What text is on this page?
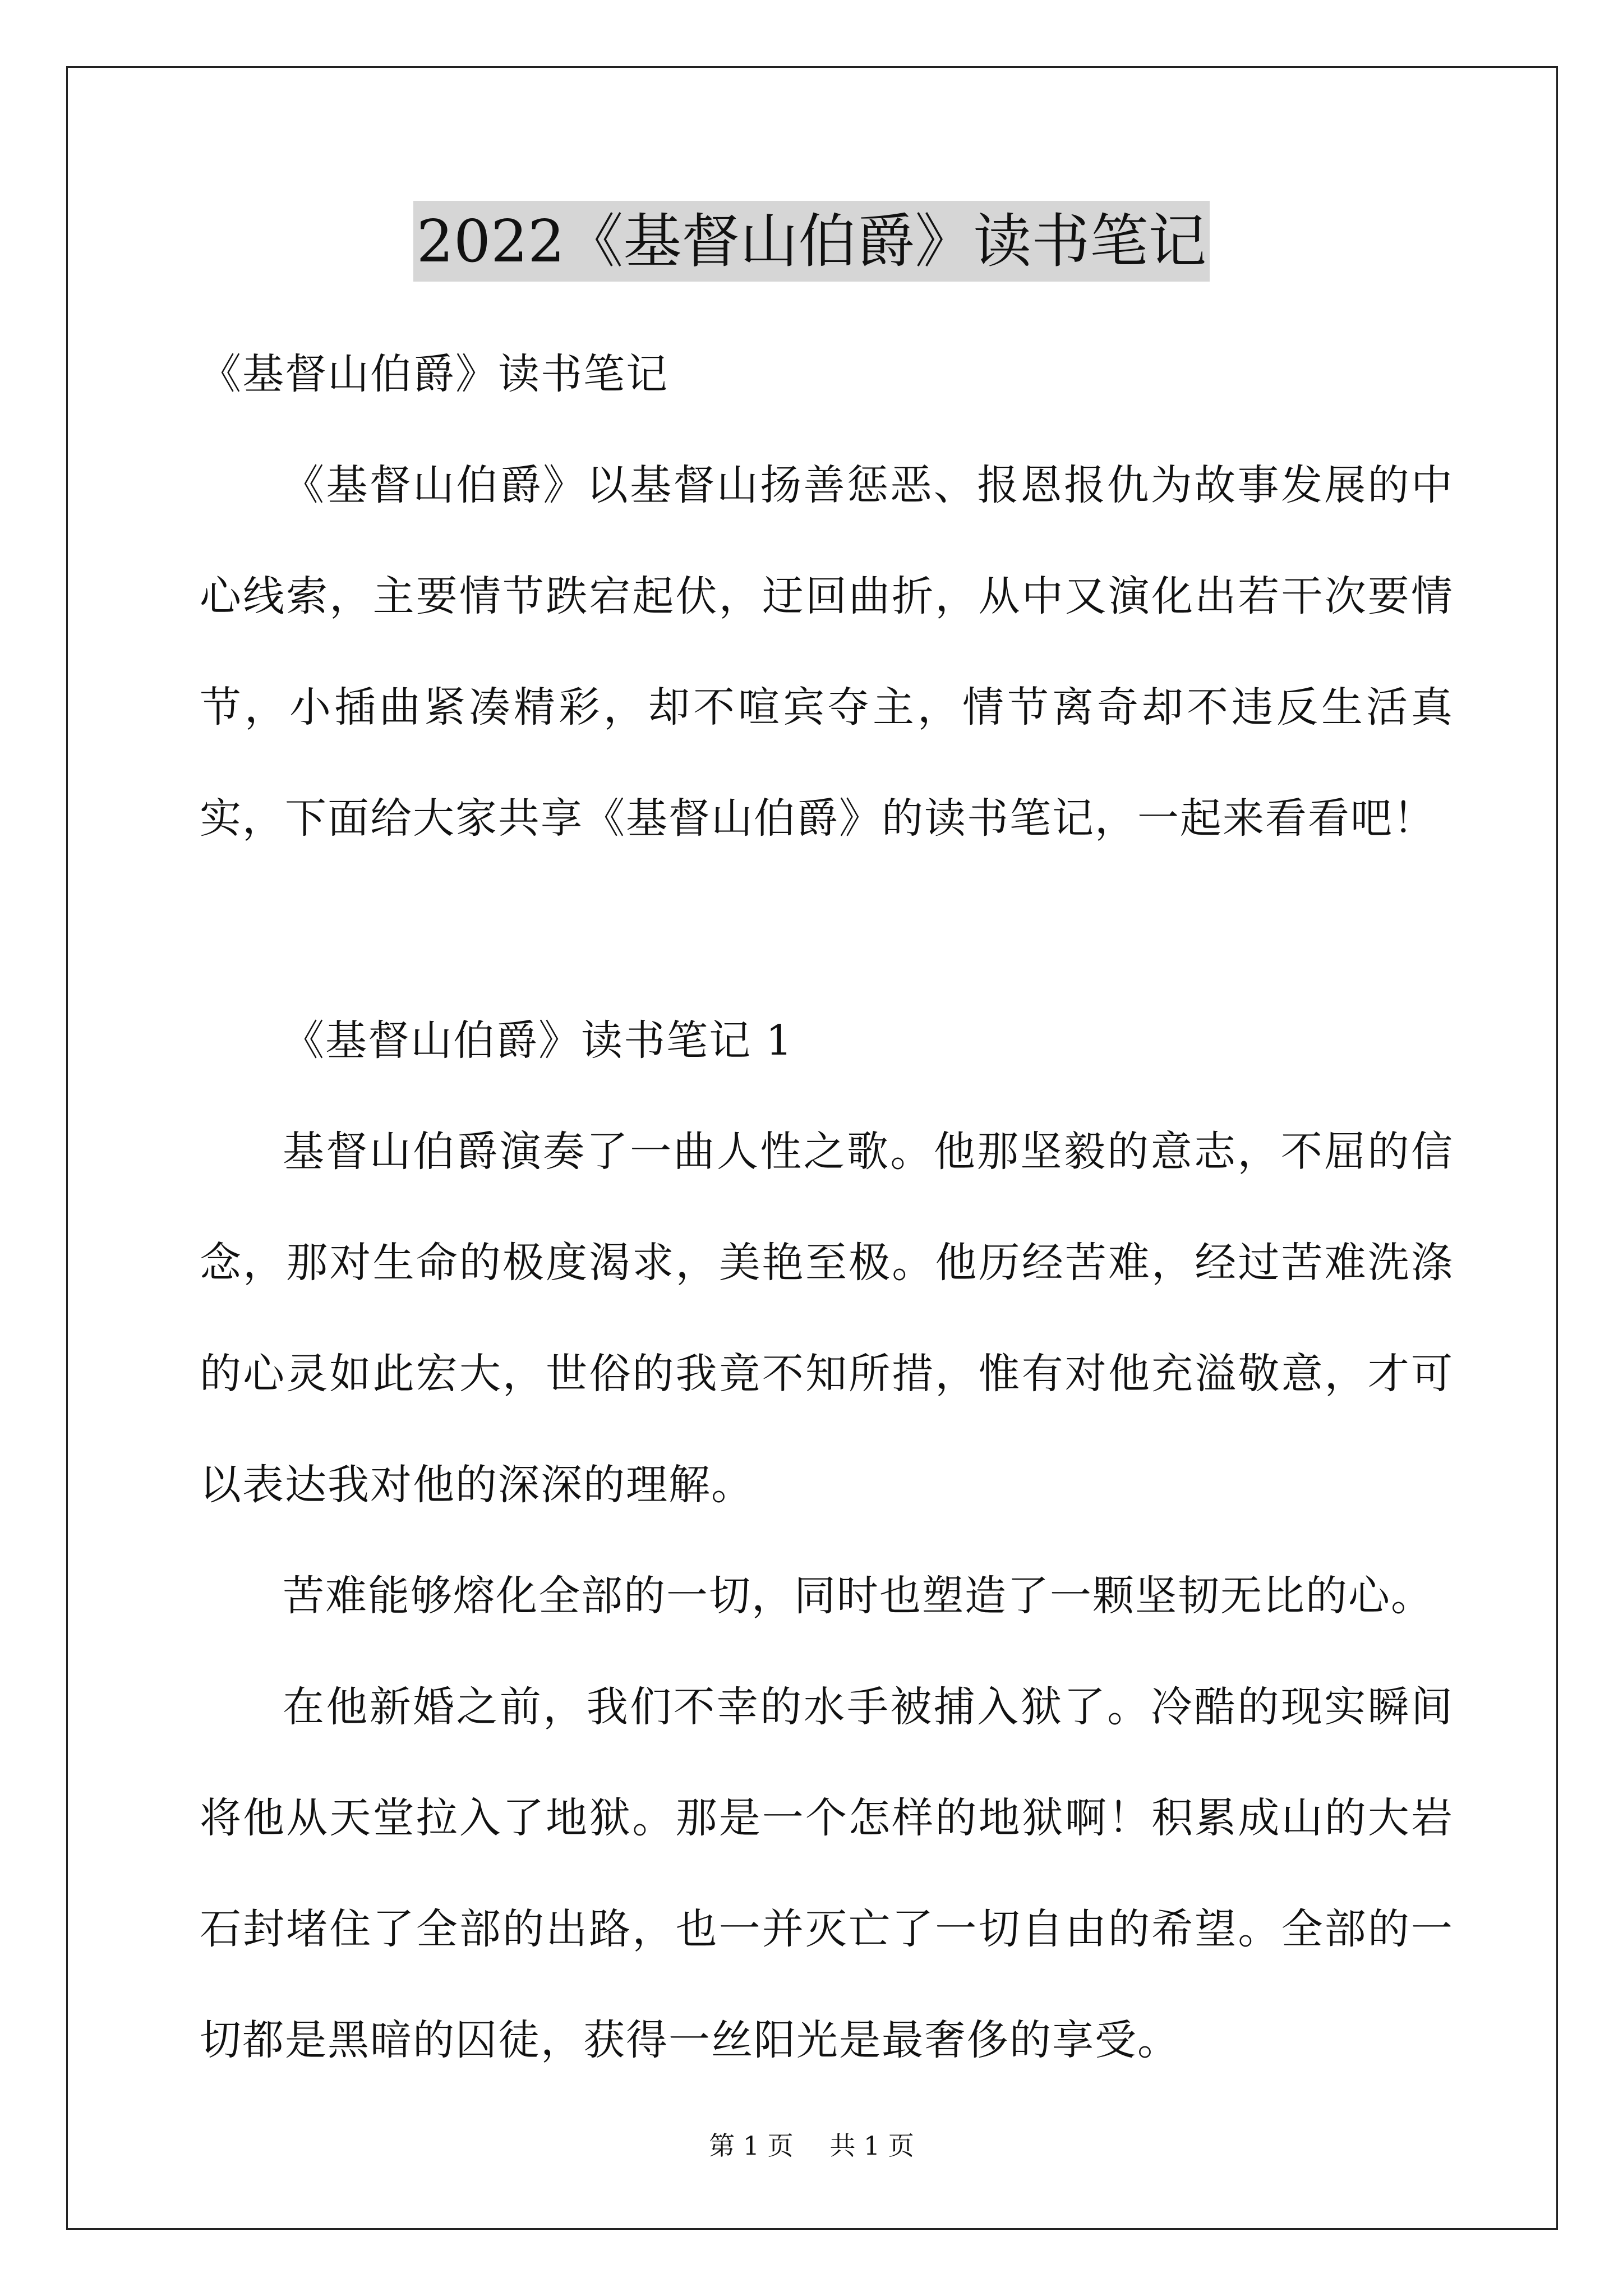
2022《基督山伯爵》读书笔记

《基督山伯爵》读书笔记

《基督山伯爵》以基督山扬善惩恶、报恩报仇为故事发展的中心线索，主要情节跌宕起伏，迂回曲折，从中又演化出若干次要情节，小插曲紧凑精彩，却不喧宾夺主，情节离奇却不违反生活真实，下面给大家共享《基督山伯爵》的读书笔记，一起来看看吧！

《基督山伯爵》读书笔记 1

基督山伯爵演奏了一曲人性之歌。他那坚毅的意志，不屈的信念，那对生命的极度渴求，美艳至极。他历经苦难，经过苦难洗涤的心灵如此宏大，世俗的我竟不知所措，惟有对他充溢敬意，才可以表达我对他的深深的理解。

苦难能够熔化全部的一切，同时也塑造了一颗坚韧无比的心。

在他新婚之前，我们不幸的水手被捕入狱了。冷酷的现实瞬间将他从天堂拉入了地狱。那是一个怎样的地狱啊！积累成山的大岩石封堵住了全部的出路，也一并灭亡了一切自由的希望。全部的一切都是黑暗的囚徒，获得一丝阳光是最奢侈的享受。

第 1 页 共 1 页
